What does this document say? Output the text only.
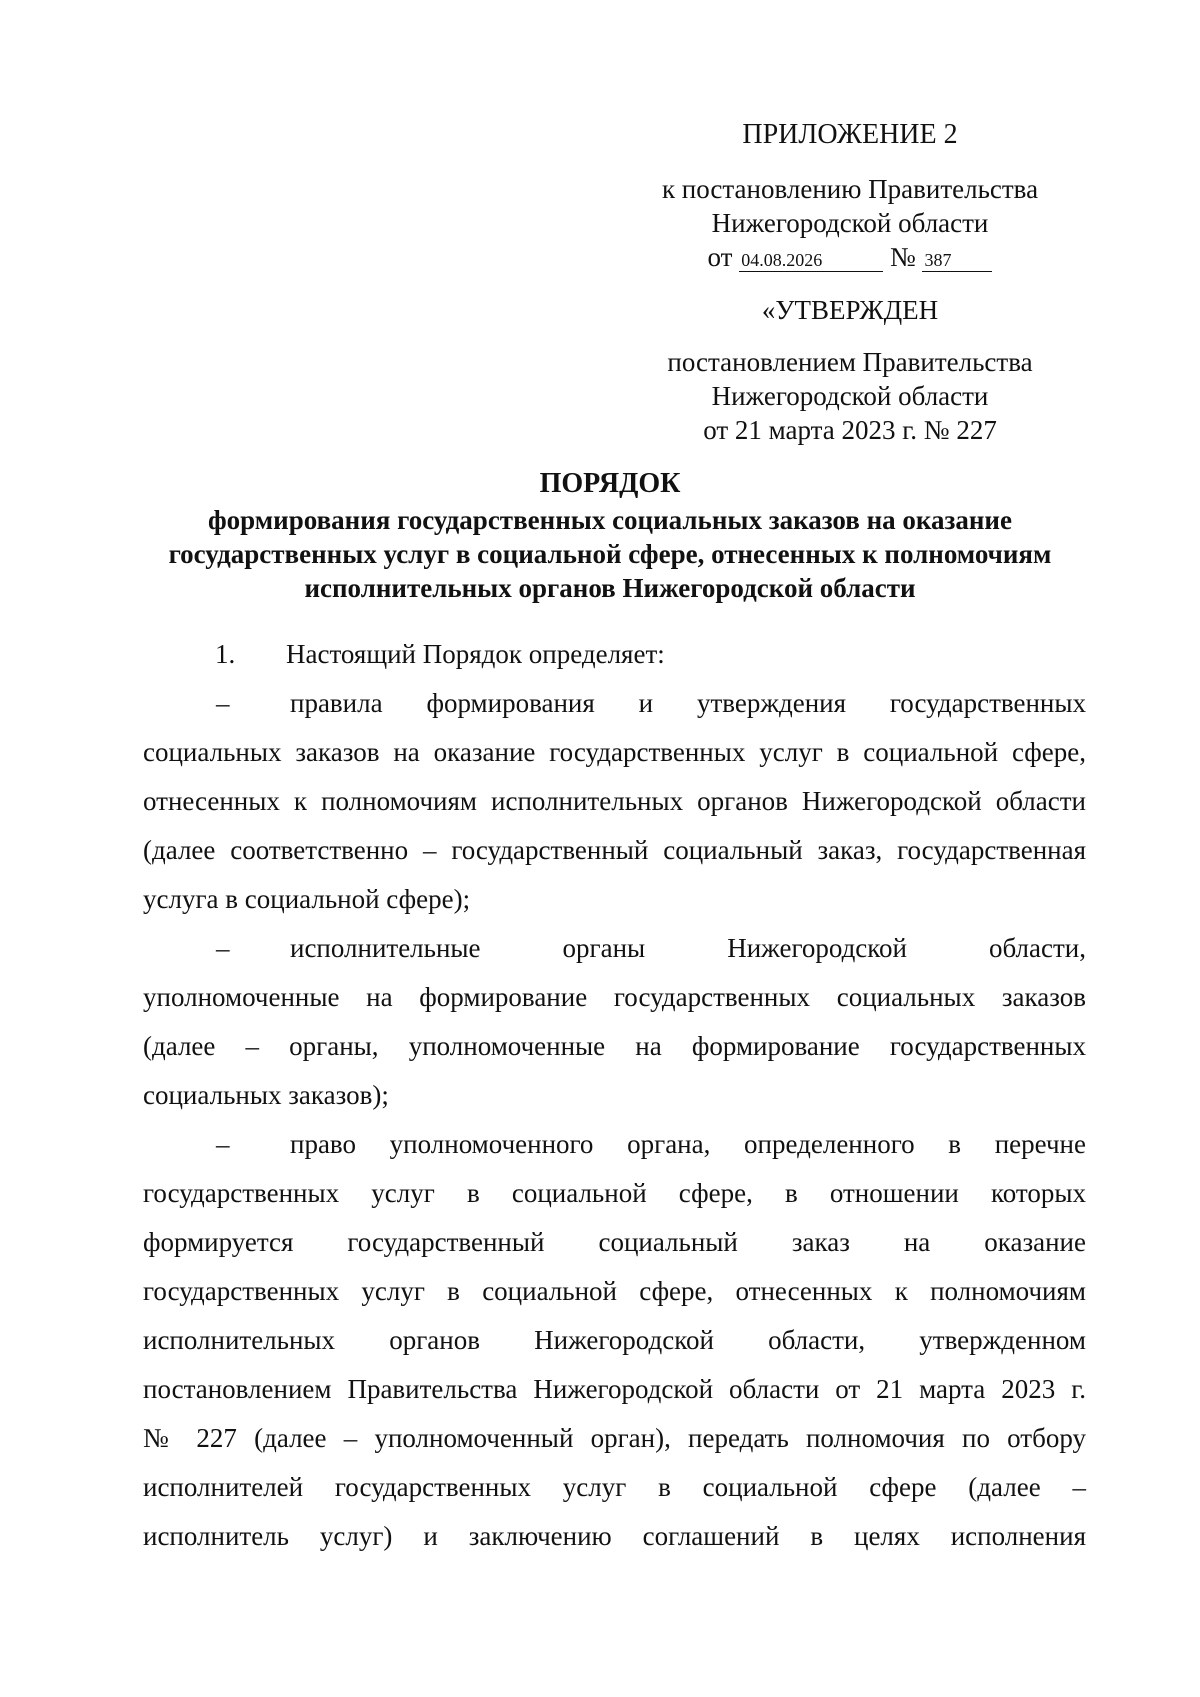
ПРИЛОЖЕНИЕ 2
к постановлению Правительства
Нижегородской области
от 04.08.2026	№ 387
«УТВЕРЖДЕН
постановлением Правительства
Нижегородской области
от 21 марта 2023 г. № 227
ПОРЯДОК
формирования государственных социальных заказов на оказание
государственных услуг в социальной сфере, отнесенных к полномочиям
исполнительных органов Нижегородской области

1. Настоящий Порядок определяет:

– правила формирования и утверждения государственных
социальных заказов на оказание государственных услуг в социальной сфере,
отнесенных к полномочиям исполнительных органов Нижегородской области
(далее соответственно – государственный социальный заказ, государственная
услуга в социальной сфере);

– исполнительные органы Нижегородской области,
уполномоченные на формирование государственных социальных заказов
(далее – органы, уполномоченные на формирование государственных
социальных заказов);

– право уполномоченного органа, определенного в перечне
государственных услуг в социальной сфере, в отношении которых
формируется государственный социальный заказ на оказание
государственных услуг в социальной сфере, отнесенных к полномочиям
исполнительных органов Нижегородской области, утвержденном
постановлением Правительства Нижегородской области от 21 марта 2023 г.
№ 227 (далее – уполномоченный орган), передать полномочия по отбору
исполнителей государственных услуг в социальной сфере (далее –
исполнитель услуг) и заключению соглашений в целях исполнения
